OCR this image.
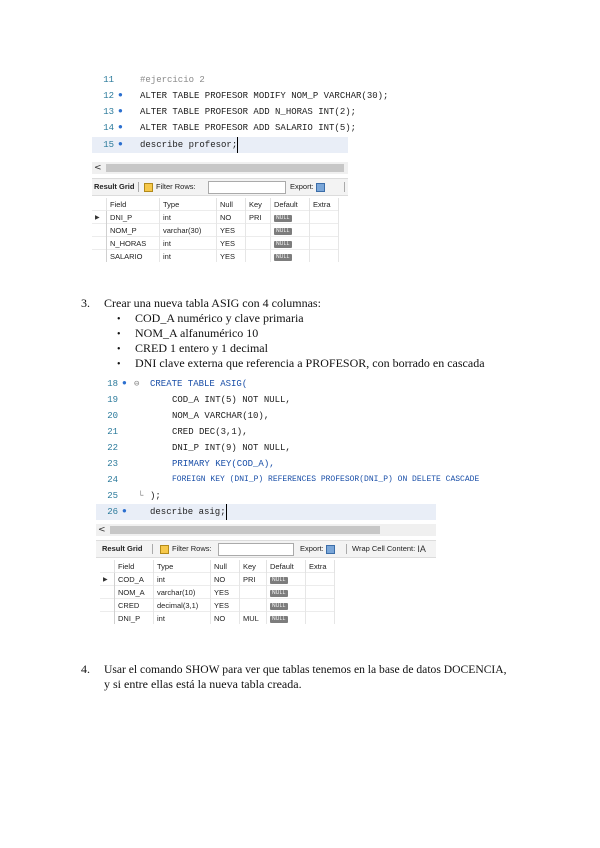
11	#ejercicio 2
12 ● ALTER TABLE PROFESOR MODIFY NOM_P VARCHAR(30);
13 ● ALTER TABLE PROFESOR ADD N_HORAS INT(2);
14 ● ALTER TABLE PROFESOR ADD SALARIO INT(5);
15 ● describe profesor;
<
Result Grid	Filter Rows:	Export:
	Field	Type	Null	Key	Default	Extra
▶	DNI_P	int	NO	PRI	NULL	
	NOM_P	varchar(30)	YES		NULL	
	N_HORAS	int	YES		NULL	
	SALARIO	int	YES		NULL	
3. Crear una nueva tabla ASIG con 4 columnas:
• COD_A numérico y clave primaria
• NOM_A alfanumérico 10
• CRED 1 entero y 1 decimal
• DNI clave externa que referencia a PROFESOR, con borrado en cascada
18 ● ⊖ CREATE TABLE ASIG(
19	COD_A INT(5) NOT NULL,
20	NOM_A VARCHAR(10),
21	CRED DEC(3,1),
22	DNI_P INT(9) NOT NULL,
23	PRIMARY KEY(COD_A),
24	FOREIGN KEY (DNI_P) REFERENCES PROFESOR(DNI_P) ON DELETE CASCADE
25 └ );
26 ●	describe asig;
<
Result Grid	Filter Rows:	Export:	Wrap Cell Content: IA
	Field	Type	Null	Key	Default	Extra
▶	COD_A	int	NO	PRI	NULL	
	NOM_A	varchar(10)	YES		NULL	
	CRED	decimal(3,1)	YES		NULL	
	DNI_P	int	NO	MUL	NULL	
4. Usar el comando SHOW para ver que tablas tenemos en la base de datos DOCENCIA,
y si entre ellas está la nueva tabla creada.
